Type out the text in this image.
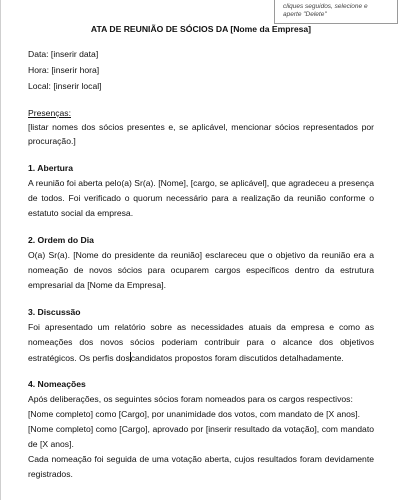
cliques seguidos, selecione e
aperte "Delete"
ATA DE REUNIÃO DE SÓCIOS DA [Nome da Empresa]
Data: [inserir data]
Hora: [inserir hora]
Local: [inserir local]
Presenças:
[listar nomes dos sócios presentes e, se aplicável, mencionar sócios representados por
procuração.]
1. Abertura
A reunião foi aberta pelo(a) Sr(a). [Nome], [cargo, se aplicável], que agradeceu a presença
de todos. Foi verificado o quorum necessário para a realização da reunião conforme o
estatuto social da empresa.
2. Ordem do Dia
O(a) Sr(a). [Nome do presidente da reunião] esclareceu que o objetivo da reunião era a
nomeação de novos sócios para ocuparem cargos específicos dentro da estrutura
empresarial da [Nome da Empresa].
3. Discussão
Foi apresentado um relatório sobre as necessidades atuais da empresa e como as
nomeações dos novos sócios poderiam contribuir para o alcance dos objetivos
estratégicos. Os perfis doscandidatos propostos foram discutidos detalhadamente.
4. Nomeações
Após deliberações, os seguintes sócios foram nomeados para os cargos respectivos:
[Nome completo] como [Cargo], por unanimidade dos votos, com mandato de [X anos].
[Nome completo] como [Cargo], aprovado por [inserir resultado da votação], com mandato
de [X anos].
Cada nomeação foi seguida de uma votação aberta, cujos resultados foram devidamente
registrados.
